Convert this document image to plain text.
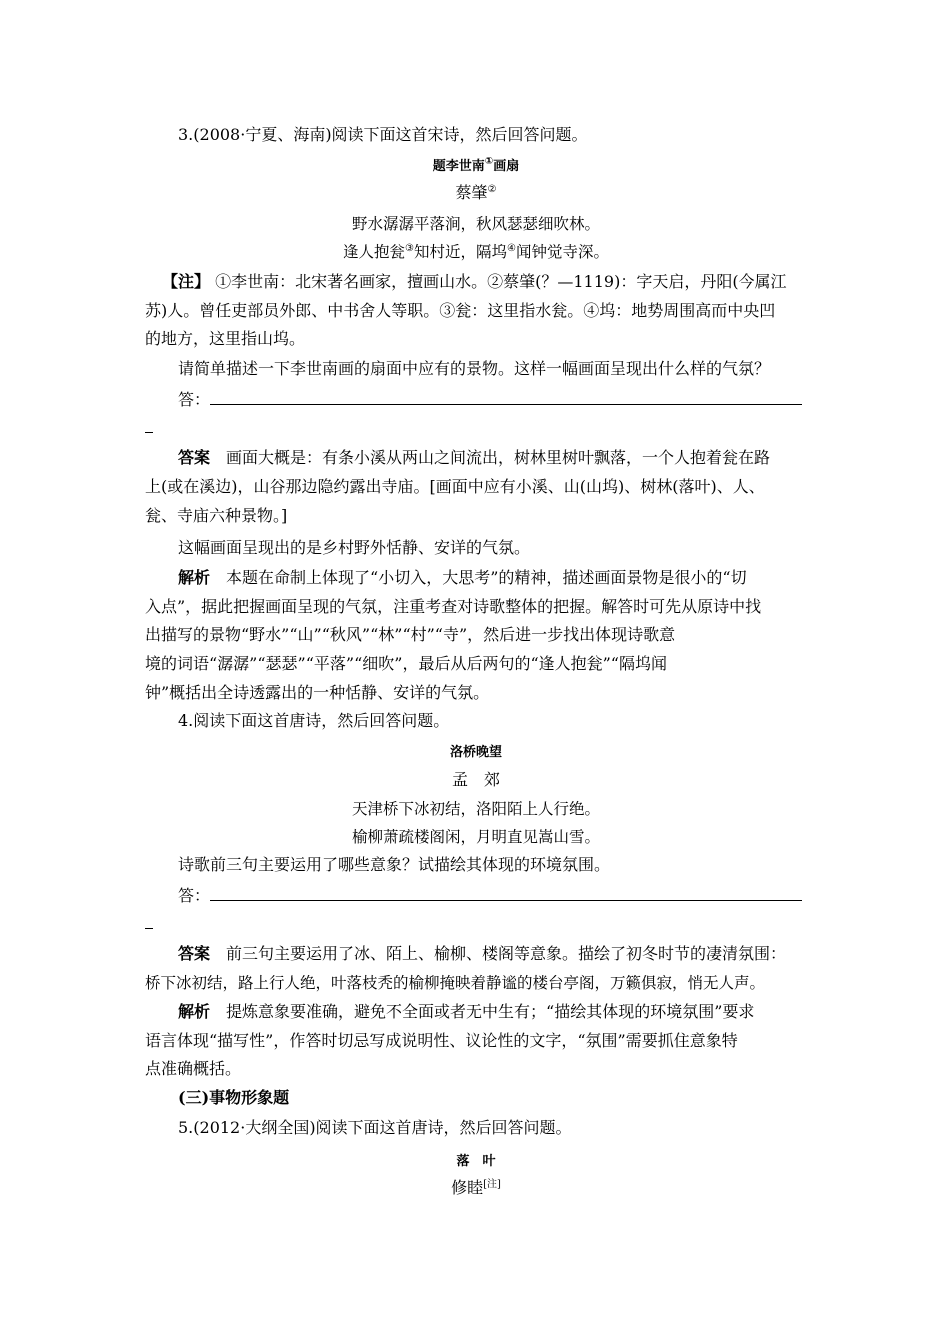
3.(2008·宁夏、海南)阅读下面这首宋诗，然后回答问题。
题李世南①画扇
蔡肇②
野水潺潺平落涧，秋风瑟瑟细吹林。
逢人抱瓮③知村近，隔坞④闻钟觉寺深。
【注】 ①李世南：北宋著名画家，擅画山水。②蔡肇(？—1119)：字天启，丹阳(今属江
苏)人。曾任吏部员外郎、中书舍人等职。③瓮：这里指水瓮。④坞：地势周围高而中央凹
的地方，这里指山坞。
请简单描述一下李世南画的扇面中应有的景物。这样一幅画面呈现出什么样的气氛？
答：
答案　 画面大概是：有条小溪从两山之间流出，树林里树叶飘落，一个人抱着瓮在路
上(或在溪边)，山谷那边隐约露出寺庙。[画面中应有小溪、山(山坞)、树林(落叶)、人、
瓮、寺庙六种景物。]
这幅画面呈现出的是乡村野外恬静、安详的气氛。
解析　 本题在命制上体现了“小切入，大思考”的精神，描述画面景物是很小的“切
入点”，据此把握画面呈现的气氛，注重考查对诗歌整体的把握。解答时可先从原诗中找
出描写的景物“野水”“山”“秋风”“林”“村”“寺”，然后进一步找出体现诗歌意
境的词语“潺潺”“瑟瑟”“平落”“细吹”，最后从后两句的“逢人抱瓮”“隔坞闻
钟”概括出全诗透露出的一种恬静、安详的气氛。
4.阅读下面这首唐诗，然后回答问题。
洛桥晚望
孟　郊
天津桥下冰初结，洛阳陌上人行绝。
榆柳萧疏楼阁闲，月明直见嵩山雪。
诗歌前三句主要运用了哪些意象？试描绘其体现的环境氛围。
答：
答案　 前三句主要运用了冰、陌上、榆柳、楼阁等意象。描绘了初冬时节的凄清氛围：
桥下冰初结，路上行人绝，叶落枝秃的榆柳掩映着静谧的楼台亭阁，万籁俱寂，悄无人声。
解析　 提炼意象要准确，避免不全面或者无中生有；“描绘其体现的环境氛围”要求
语言体现“描写性”，作答时切忌写成说明性、议论性的文字，“氛围”需要抓住意象特
点准确概括。
(三)事物形象题
5.(2012·大纲全国)阅读下面这首唐诗，然后回答问题。
落　叶
修睦[注]
